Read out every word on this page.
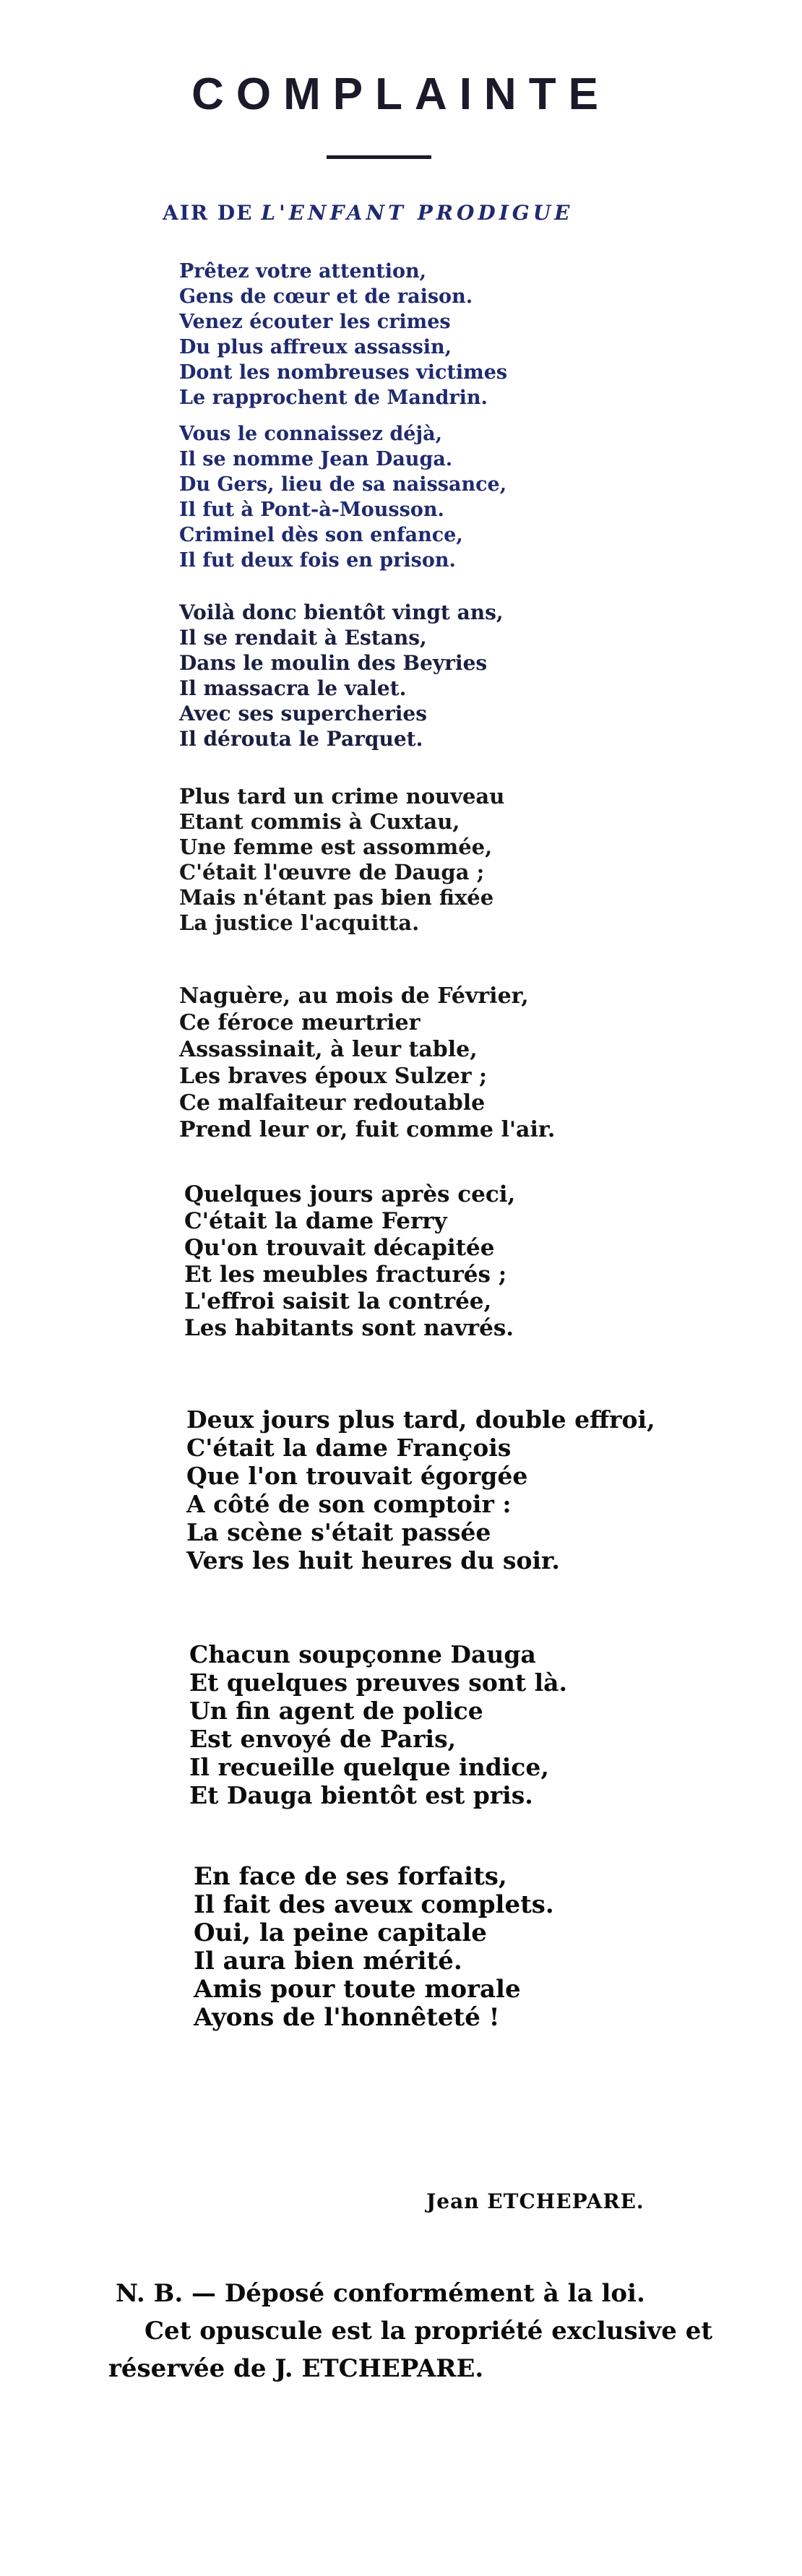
COMPLAINTE
AIR DE L'ENFANT PRODIGUE
Prêtez votre attention,
Gens de cœur et de raison.
Venez écouter les crimes
Du plus affreux assassin,
Dont les nombreuses victimes
Le rapprochent de Mandrin.
Vous le connaissez déjà,
Il se nomme Jean Dauga.
Du Gers, lieu de sa naissance,
Il fut à Pont-à-Mousson.
Criminel dès son enfance,
Il fut deux fois en prison.
Voilà donc bientôt vingt ans,
Il se rendait à Estans,
Dans le moulin des Beyries
Il massacra le valet.
Avec ses supercheries
Il dérouta le Parquet.
Plus tard un crime nouveau
Etant commis à Cuxtau,
Une femme est assommée,
C'était l'œuvre de Dauga ;
Mais n'étant pas bien fixée
La justice l'acquitta.
Naguère, au mois de Février,
Ce féroce meurtrier
Assassinait, à leur table,
Les braves époux Sulzer ;
Ce malfaiteur redoutable
Prend leur or, fuit comme l'air.
Quelques jours après ceci,
C'était la dame Ferry
Qu'on trouvait décapitée
Et les meubles fracturés ;
L'effroi saisit la contrée,
Les habitants sont navrés.
Deux jours plus tard, double effroi,
C'était la dame François
Que l'on trouvait égorgée
A côté de son comptoir :
La scène s'était passée
Vers les huit heures du soir.
Chacun soupçonne Dauga
Et quelques preuves sont là.
Un fin agent de police
Est envoyé de Paris,
Il recueille quelque indice,
Et Dauga bientôt est pris.
En face de ses forfaits,
Il fait des aveux complets.
Oui, la peine capitale
Il aura bien mérité.
Amis pour toute morale
Ayons de l'honnêteté !
Jean ETCHEPARE.

N. B. — Déposé conformément à la loi.

Cet opuscule est la propriété exclusive et

réservée de J. ETCHEPARE.
